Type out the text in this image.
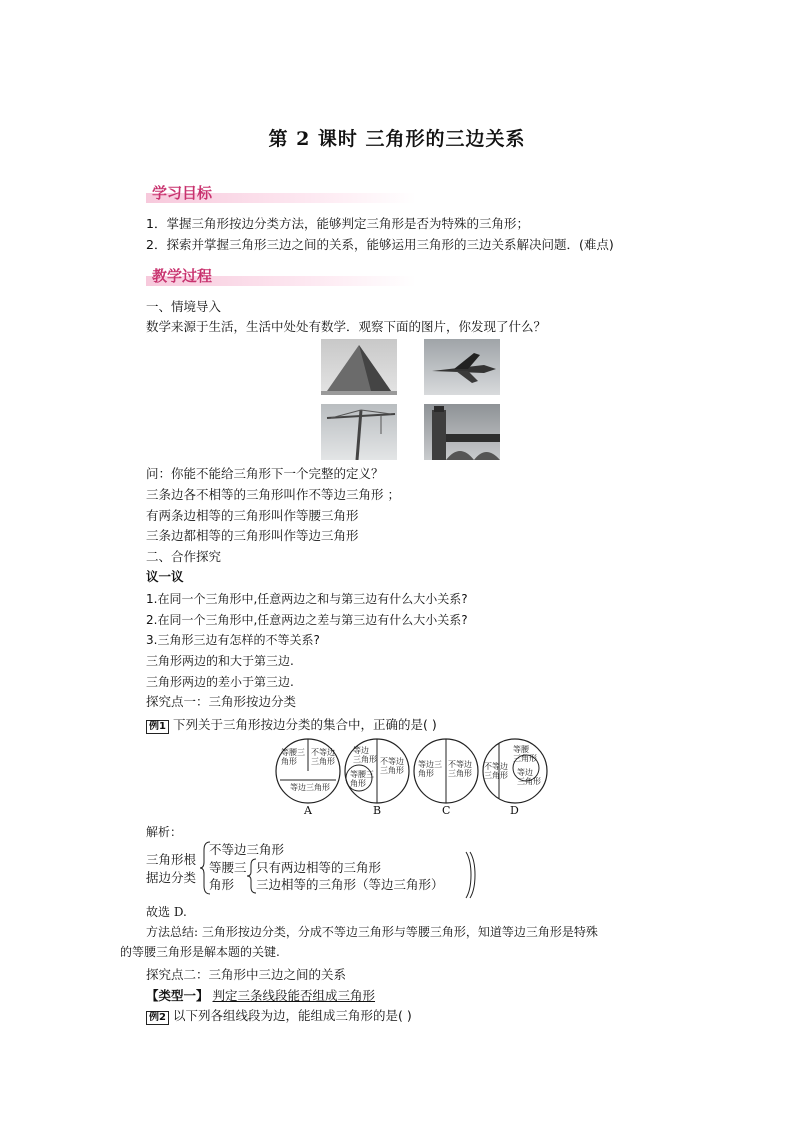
第 2 课时 三角形的三边关系
学习目标
1．掌握三角形按边分类方法，能够判定三角形是否为特殊的三角形；
2．探索并掌握三角形三边之间的关系，能够运用三角形的三边关系解决问题．(难点)
教学过程
一、情境导入
数学来源于生活，生活中处处有数学．观察下面的图片，你发现了什么？
问：你能不能给三角形下一个完整的定义？
三条边各不相等的三角形叫作不等边三角形 ；
有两条边相等的三角形叫作等腰三角形
三条边都相等的三角形叫作等边三角形
二、合作探究
议一议
1.在同一个三角形中,任意两边之和与第三边有什么大小关系?
2.在同一个三角形中,任意两边之差与第三边有什么大小关系?
3.三角形三边有怎样的不等关系?
三角形两边的和大于第三边.
三角形两边的差小于第三边.
探究点一：三角形按边分类
例1 下列关于三角形按边分类的集合中，正确的是( )
等腰三
角形
不等边
三角形
等边三角形
等边
三角形 不等边
三角形
等腰三
角形
等边三
角形
不等边
三角形
不等边
三角形
等腰
三角形
等边
三角形
A	B	C	D
解析：
三角形根
据边分类
不等边三角形
等腰三
角形
只有两边相等的三角形
三边相等的三角形（等边三角形）
故选 D.
方法总结: 三角形按边分类，分成不等边三角形与等腰三角形，知道等边三角形是特殊
的等腰三角形是解本题的关键.
探究点二：三角形中三边之间的关系
【类型一】 判定三条线段能否组成三角形
例2 以下列各组线段为边，能组成三角形的是( )
